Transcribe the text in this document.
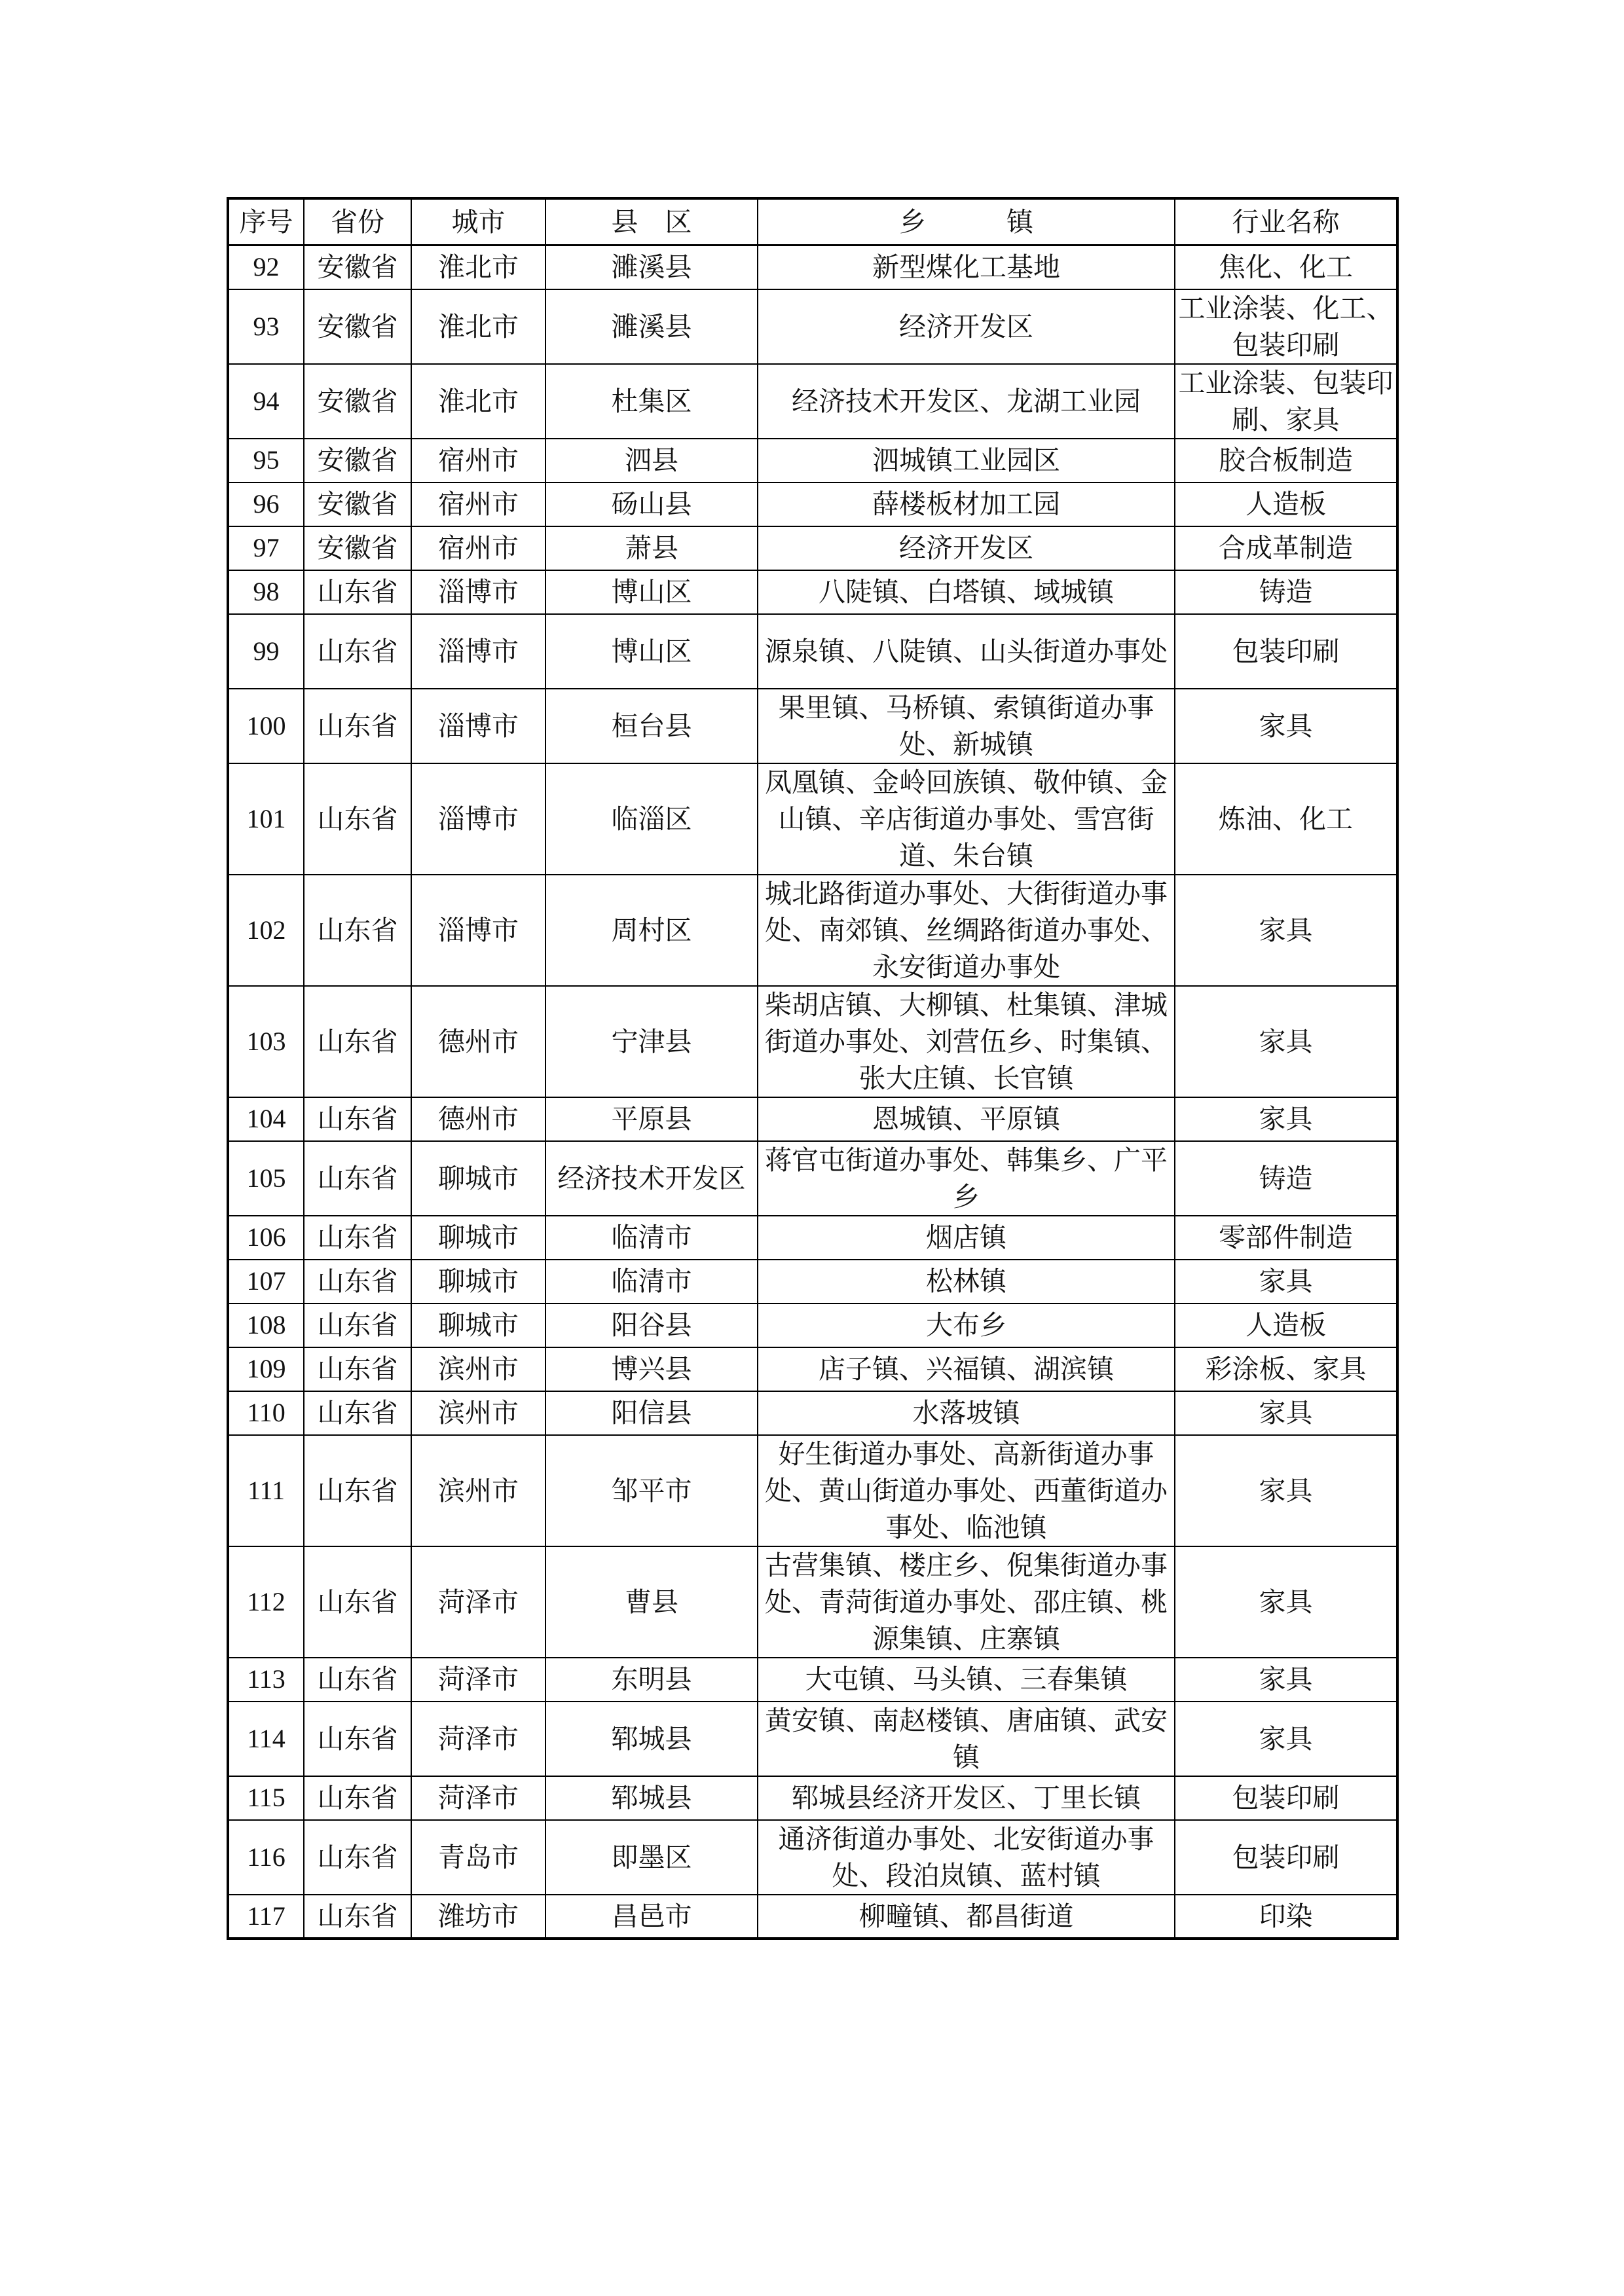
序号	省份	城市	县　区	乡　　　镇	行业名称
92	安徽省	淮北市	濉溪县	新型煤化工基地	焦化、化工
93	安徽省	淮北市	濉溪县	经济开发区	工业涂装、化工、包装印刷
94	安徽省	淮北市	杜集区	经济技术开发区、龙湖工业园	工业涂装、包装印刷、家具
95	安徽省	宿州市	泗县	泗城镇工业园区	胶合板制造
96	安徽省	宿州市	砀山县	薛楼板材加工园	人造板
97	安徽省	宿州市	萧县	经济开发区	合成革制造
98	山东省	淄博市	博山区	八陡镇、白塔镇、域城镇	铸造
99	山东省	淄博市	博山区	源泉镇、八陡镇、山头街道办事处	包装印刷
100	山东省	淄博市	桓台县	果里镇、马桥镇、索镇街道办事处、新城镇	家具
101	山东省	淄博市	临淄区	凤凰镇、金岭回族镇、敬仲镇、金山镇、辛店街道办事处、雪宫街道、朱台镇	炼油、化工
102	山东省	淄博市	周村区	城北路街道办事处、大街街道办事处、南郊镇、丝绸路街道办事处、永安街道办事处	家具
103	山东省	德州市	宁津县	柴胡店镇、大柳镇、杜集镇、津城街道办事处、刘营伍乡、时集镇、张大庄镇、长官镇	家具
104	山东省	德州市	平原县	恩城镇、平原镇	家具
105	山东省	聊城市	经济技术开发区	蒋官屯街道办事处、韩集乡、广平乡	铸造
106	山东省	聊城市	临清市	烟店镇	零部件制造
107	山东省	聊城市	临清市	松林镇	家具
108	山东省	聊城市	阳谷县	大布乡	人造板
109	山东省	滨州市	博兴县	店子镇、兴福镇、湖滨镇	彩涂板、家具
110	山东省	滨州市	阳信县	水落坡镇	家具
111	山东省	滨州市	邹平市	好生街道办事处、高新街道办事处、黄山街道办事处、西董街道办事处、临池镇	家具
112	山东省	菏泽市	曹县	古营集镇、楼庄乡、倪集街道办事处、青菏街道办事处、邵庄镇、桃源集镇、庄寨镇	家具
113	山东省	菏泽市	东明县	大屯镇、马头镇、三春集镇	家具
114	山东省	菏泽市	郓城县	黄安镇、南赵楼镇、唐庙镇、武安镇	家具
115	山东省	菏泽市	郓城县	郓城县经济开发区、丁里长镇	包装印刷
116	山东省	青岛市	即墨区	通济街道办事处、北安街道办事处、段泊岚镇、蓝村镇	包装印刷
117	山东省	潍坊市	昌邑市	柳疃镇、都昌街道	印染
